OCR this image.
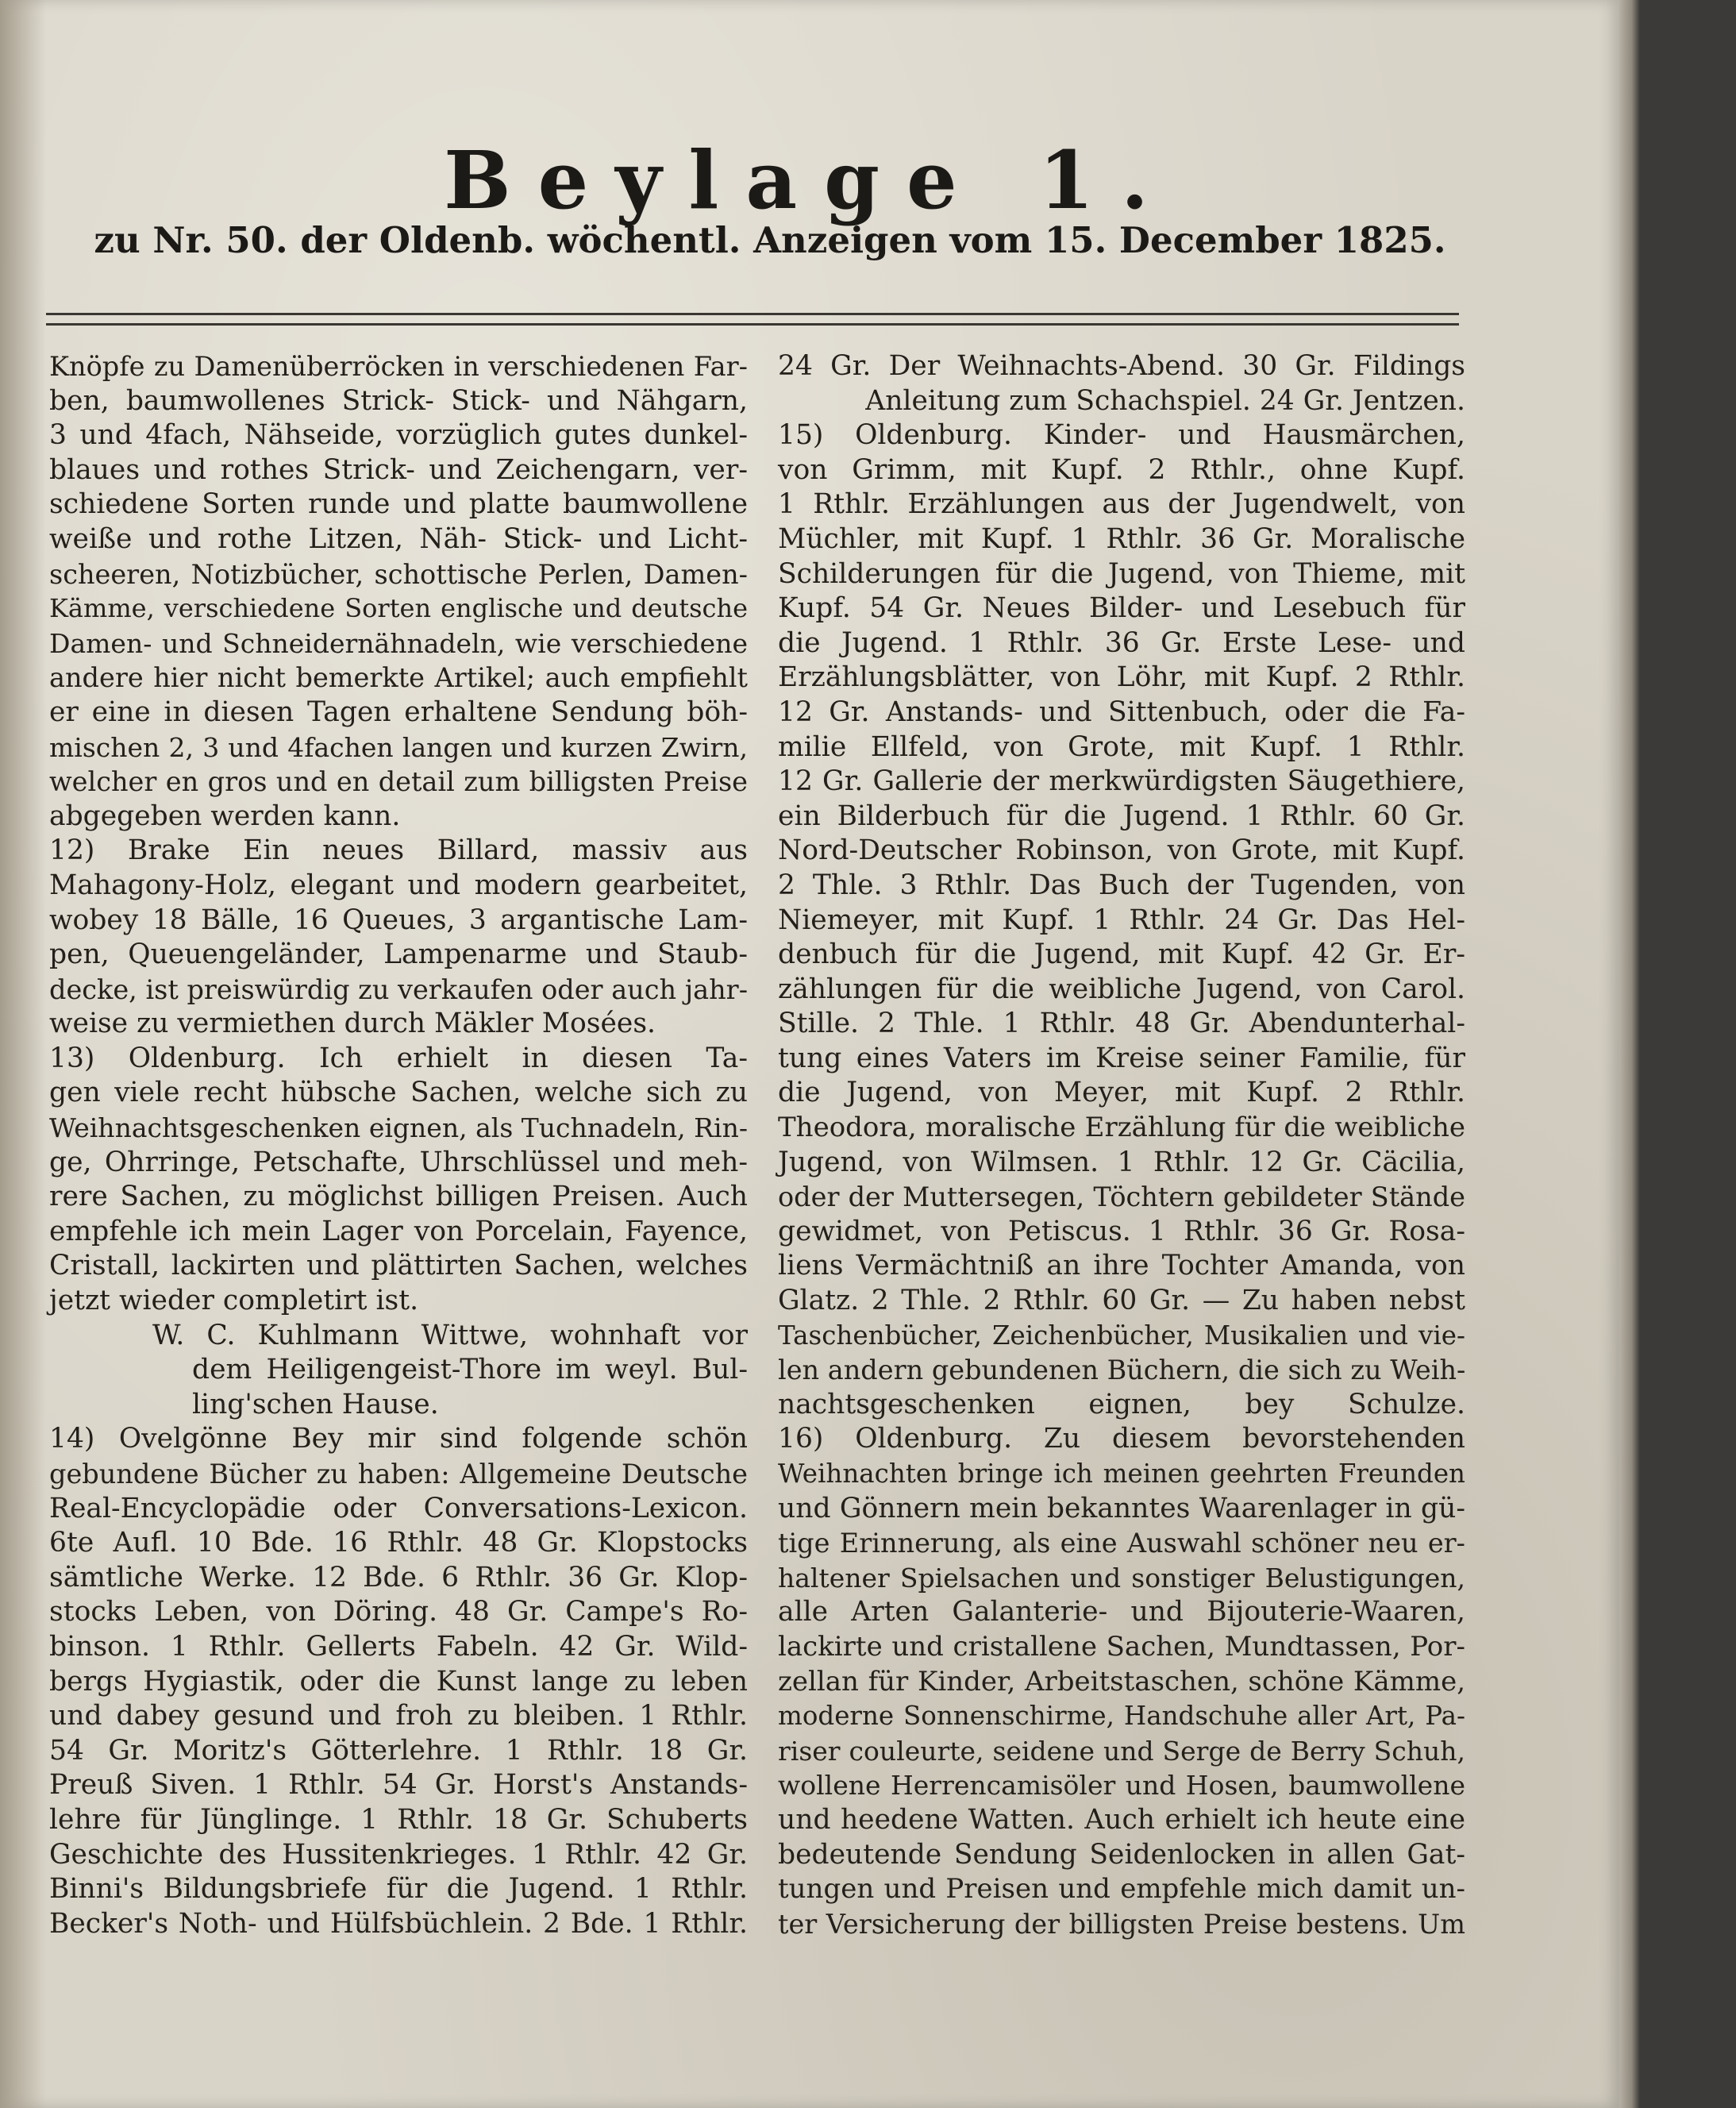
Beylage 1.
zu Nr. 50. der Oldenb. wöchentl. Anzeigen vom 15. December 1825.
Knöpfe zu Damenüberröcken in verschiedenen Far-
ben, baumwollenes Strick- Stick- und Nähgarn,
3 und 4fach, Nähseide, vorzüglich gutes dunkel-
blaues und rothes Strick- und Zeichengarn, ver-
schiedene Sorten runde und platte baumwollene
weiße und rothe Litzen, Näh- Stick- und Licht-
scheeren, Notizbücher, schottische Perlen, Damen-
Kämme, verschiedene Sorten englische und deutsche
Damen- und Schneidernähnadeln, wie verschiedene
andere hier nicht bemerkte Artikel; auch empfiehlt
er eine in diesen Tagen erhaltene Sendung böh-
mischen 2, 3 und 4fachen langen und kurzen Zwirn,
welcher en gros und en detail zum billigsten Preise
abgegeben werden kann.
12) Brake Ein neues Billard, massiv aus
Mahagony-Holz, elegant und modern gearbeitet,
wobey 18 Bälle, 16 Queues, 3 argantische Lam-
pen, Queuengeländer, Lampenarme und Staub-
decke, ist preiswürdig zu verkaufen oder auch jahr-
weise zu vermiethen durch Mäkler Mosées.
13) Oldenburg. Ich erhielt in diesen Ta-
gen viele recht hübsche Sachen, welche sich zu
Weihnachtsgeschenken eignen, als Tuchnadeln, Rin-
ge, Ohrringe, Petschafte, Uhrschlüssel und meh-
rere Sachen, zu möglichst billigen Preisen. Auch
empfehle ich mein Lager von Porcelain, Fayence,
Cristall, lackirten und plättirten Sachen, welches
jetzt wieder completirt ist.
W. C. Kuhlmann Wittwe, wohnhaft vor
dem Heiligengeist-Thore im weyl. Bul-
ling'schen Hause.
14) Ovelgönne Bey mir sind folgende schön
gebundene Bücher zu haben: Allgemeine Deutsche
Real-Encyclopädie oder Conversations-Lexicon.
6te Aufl. 10 Bde. 16 Rthlr. 48 Gr. Klopstocks
sämtliche Werke. 12 Bde. 6 Rthlr. 36 Gr. Klop-
stocks Leben, von Döring. 48 Gr. Campe's Ro-
binson. 1 Rthlr. Gellerts Fabeln. 42 Gr. Wild-
bergs Hygiastik, oder die Kunst lange zu leben
und dabey gesund und froh zu bleiben. 1 Rthlr.
54 Gr. Moritz's Götterlehre. 1 Rthlr. 18 Gr.
Preuß Siven. 1 Rthlr. 54 Gr. Horst's Anstands-
lehre für Jünglinge. 1 Rthlr. 18 Gr. Schuberts
Geschichte des Hussitenkrieges. 1 Rthlr. 42 Gr.
Binni's Bildungsbriefe für die Jugend. 1 Rthlr.
Becker's Noth- und Hülfsbüchlein. 2 Bde. 1 Rthlr.
24 Gr. Der Weihnachts-Abend. 30 Gr. Fildings
Anleitung zum Schachspiel. 24 Gr. Jentzen.
15) Oldenburg. Kinder- und Hausmärchen,
von Grimm, mit Kupf. 2 Rthlr., ohne Kupf.
1 Rthlr. Erzählungen aus der Jugendwelt, von
Müchler, mit Kupf. 1 Rthlr. 36 Gr. Moralische
Schilderungen für die Jugend, von Thieme, mit
Kupf. 54 Gr. Neues Bilder- und Lesebuch für
die Jugend. 1 Rthlr. 36 Gr. Erste Lese- und
Erzählungsblätter, von Löhr, mit Kupf. 2 Rthlr.
12 Gr. Anstands- und Sittenbuch, oder die Fa-
milie Ellfeld, von Grote, mit Kupf. 1 Rthlr.
12 Gr. Gallerie der merkwürdigsten Säugethiere,
ein Bilderbuch für die Jugend. 1 Rthlr. 60 Gr.
Nord-Deutscher Robinson, von Grote, mit Kupf.
2 Thle. 3 Rthlr. Das Buch der Tugenden, von
Niemeyer, mit Kupf. 1 Rthlr. 24 Gr. Das Hel-
denbuch für die Jugend, mit Kupf. 42 Gr. Er-
zählungen für die weibliche Jugend, von Carol.
Stille. 2 Thle. 1 Rthlr. 48 Gr. Abendunterhal-
tung eines Vaters im Kreise seiner Familie, für
die Jugend, von Meyer, mit Kupf. 2 Rthlr.
Theodora, moralische Erzählung für die weibliche
Jugend, von Wilmsen. 1 Rthlr. 12 Gr. Cäcilia,
oder der Muttersegen, Töchtern gebildeter Stände
gewidmet, von Petiscus. 1 Rthlr. 36 Gr. Rosa-
liens Vermächtniß an ihre Tochter Amanda, von
Glatz. 2 Thle. 2 Rthlr. 60 Gr. — Zu haben nebst
Taschenbücher, Zeichenbücher, Musikalien und vie-
len andern gebundenen Büchern, die sich zu Weih-
nachtsgeschenken eignen, bey Schulze.
16) Oldenburg. Zu diesem bevorstehenden
Weihnachten bringe ich meinen geehrten Freunden
und Gönnern mein bekanntes Waarenlager in gü-
tige Erinnerung, als eine Auswahl schöner neu er-
haltener Spielsachen und sonstiger Belustigungen,
alle Arten Galanterie- und Bijouterie-Waaren,
lackirte und cristallene Sachen, Mundtassen, Por-
zellan für Kinder, Arbeitstaschen, schöne Kämme,
moderne Sonnenschirme, Handschuhe aller Art, Pa-
riser couleurte, seidene und Serge de Berry Schuh,
wollene Herrencamisöler und Hosen, baumwollene
und heedene Watten. Auch erhielt ich heute eine
bedeutende Sendung Seidenlocken in allen Gat-
tungen und Preisen und empfehle mich damit un-
ter Versicherung der billigsten Preise bestens. Um
